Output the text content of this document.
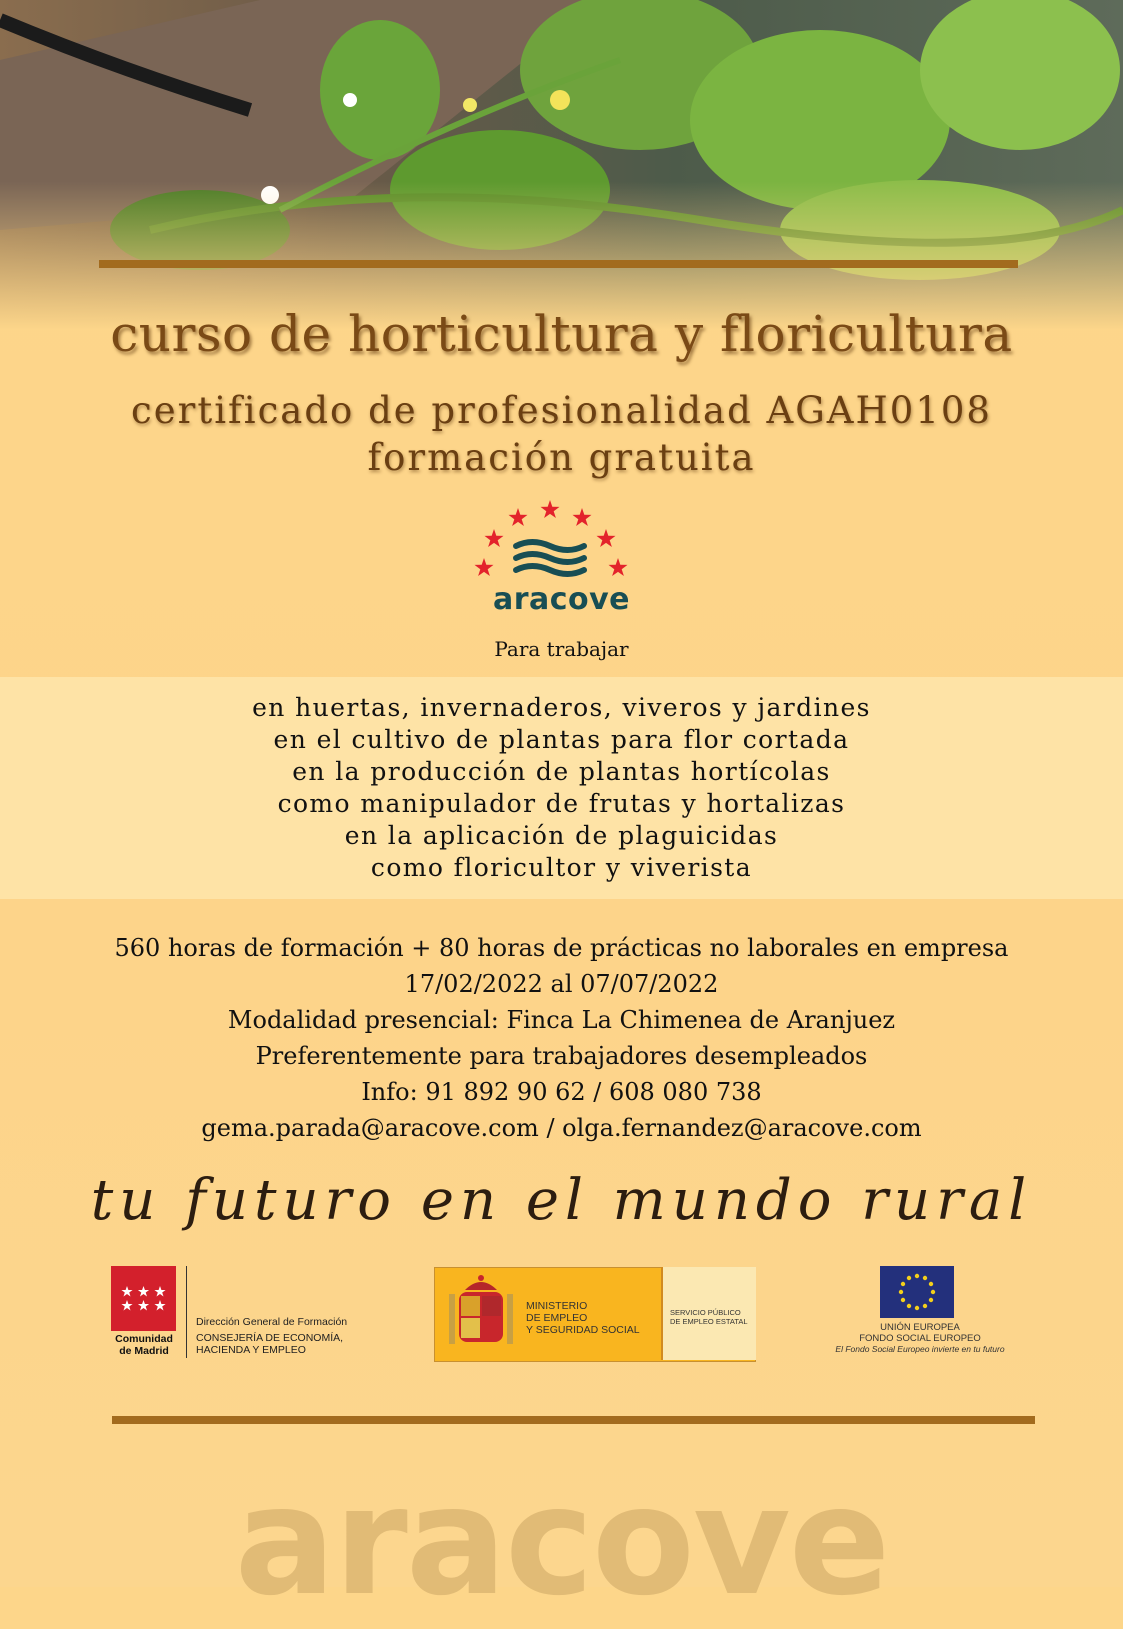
curso de horticultura y floricultura
certificado de profesionalidad AGAH0108
formación gratuita
aracove
Para trabajar
en huertas, invernaderos, viveros y jardines
en el cultivo de plantas para flor cortada
en la producción de plantas hortícolas
como manipulador de frutas y hortalizas
en la aplicación de plaguicidas
como floricultor y viverista
560 horas de formación + 80 horas de prácticas no laborales en empresa
17/02/2022 al 07/07/2022
Modalidad presencial: Finca La Chimenea de Aranjuez
Preferentemente para trabajadores desempleados
Info: 91 892 90 62 / 608 080 738
gema.parada@aracove.com / olga.fernandez@aracove.com
tu futuro en el mundo rural
Comunidad
de Madrid
Dirección General de Formación
CONSEJERÍA DE ECONOMÍA,
HACIENDA Y EMPLEO
MINISTERIO
DE EMPLEO
Y SEGURIDAD SOCIAL
SERVICIO PÚBLICO
DE EMPLEO ESTATAL
UNIÓN EUROPEA
FONDO SOCIAL EUROPEO
El Fondo Social Europeo invierte en tu futuro
aracove
